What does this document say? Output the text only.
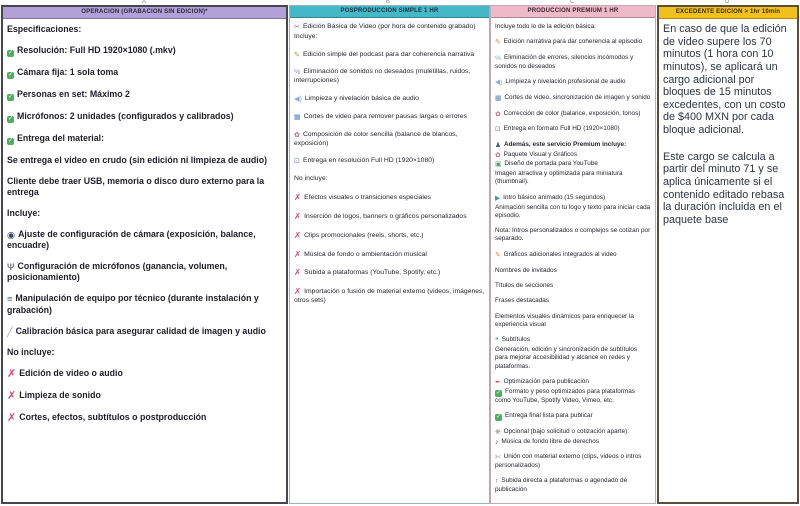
A	B	C	D
OPERACION (GRABACION SIN EDICION)*
Especificaciones:
✓ Resolución: Full HD 1920×1080 (.mkv)
✓ Cámara fija: 1 sola toma
✓ Personas en set: Máximo 2
✓ Micrófonos: 2 unidades (configurados y calibrados)
✓ Entrega del material:
Se entrega el video en crudo (sin edición ni limpieza de audio)
Cliente debe traer USB, memoria o disco duro externo para la entrega
Incluye:
◉ Ajuste de configuración de cámara (exposición, balance, encuadre)
Ψ Configuración de micrófonos (ganancia, volumen, posicionamiento)
≡ Manipulación de equipo por técnico (durante instalación y grabación)
╱ Calibración básica para asegurar calidad de imagen y audio
No incluye:
✗ Edición de video o audio
✗ Limpieza de sonido
✗ Cortes, efectos, subtítulos o postproducción
POSPRODUCCION SIMPLE 1 HR
✂ Edición Básica de Video (por hora de contenido grabado)
Incluye:
✎ Edición simple del podcast para dar coherencia narrativa
% Eliminación de sonidos no deseados (muletillas, ruidos, interrupciones)
◀) Limpieza y nivelación básica de audio
▦ Cortes de video para remover pausas largas o errores
✿ Composición de color sencilla (balance de blancos, exposición)
⊡ Entrega en resolución Full HD (1920×1080)
No incluye:
✗ Efectos visuales o transiciones especiales
✗ Inserción de logos, banners o gráficos personalizados
✗ Clips promocionales (reels, shorts, etc.)
✗ Música de fondo o ambientación musical
✗ Subida a plataformas (YouTube, Spotify, etc.)
✗ Importación o fusión de material externo (videos, imágenes, otros sets)
PRODUCCION PREMIUM 1 HR
Incluye todo lo de la edición básica:
✎ Edición narrativa para dar coherencia al episodio
% Eliminación de errores, silencios incómodos y sonidos no deseados
◀) Limpieza y nivelación profesional de audio
▦ Cortes de video, sincronización de imagen y sonido
✿ Corrección de color (balance, exposición, tonos)
⊡ Entrega en formato Full HD (1920×1080)
♟ Además, este servicio Premium incluye:
✿ Paquete Visual y Gráficos
▣ Diseño de portada para YouTube
Imagen atractiva y optimizada para miniatura (thumbnail).
▶ Intro básico animado (15 segundos)
Animación sencilla con tu logo y texto para iniciar cada episodio.
Nota: Intros personalizados o complejos se cotizan por separado.
✎ Gráficos adicionales integrados al video
Nombres de invitados
Títulos de secciones
Frases destacadas
Elementos visuales dinámicos para enriquecer la experiencia visual
❝ Subtítulos
Generación, edición y sincronización de subtítulos para mejorar accesibilidad y alcance en redes y plataformas.
✒ Optimización para publicación
✓ Formato y peso optimizados para plataformas como YouTube, Spotify Video, Vimeo, etc.
✓ Entrega final lista para publicar
❋ Opcional (bajo solicitud o cotización aparte):
♪ Música de fondo libre de derechos
✄ Unión con material externo (clips, videos o intros personalizados)
↑ Subida directa a plataformas o agendado de publicación
EXCEDENTE EDICION > 1hr 10min
En caso de que la edición de video supere los 70 minutos (1 hora con 10 minutos), se aplicará un cargo adicional por bloques de 15 minutos excedentes, con un costo de $400 MXN por cada bloque adicional.
Este cargo se calcula a partir del minuto 71 y se aplica únicamente si el contenido editado rebasa la duración incluida en el paquete base
